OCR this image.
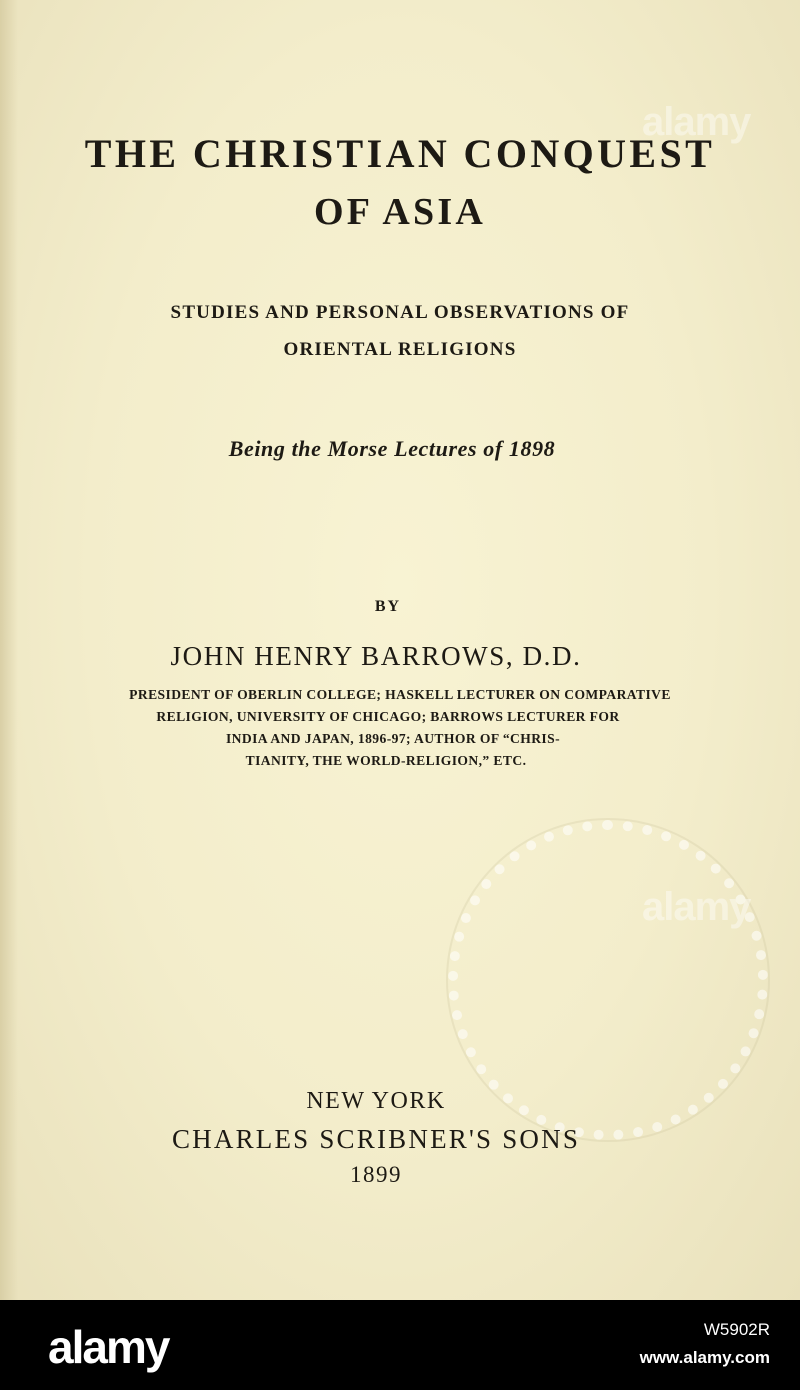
THE CHRISTIAN CONQUEST
OF ASIA
STUDIES AND PERSONAL OBSERVATIONS OF
ORIENTAL RELIGIONS
Being the Morse Lectures of 1898
BY
JOHN HENRY BARROWS, D.D.
PRESIDENT OF OBERLIN COLLEGE; HASKELL LECTURER ON COMPARATIVE
RELIGION, UNIVERSITY OF CHICAGO; BARROWS LECTURER FOR
INDIA AND JAPAN, 1896-97; AUTHOR OF “CHRIS-
TIANITY, THE WORLD-RELIGION,” ETC.
NEW YORK
CHARLES SCRIBNER'S SONS
1899
alamy
alamy
alamy	W5902R
www.alamy.com
